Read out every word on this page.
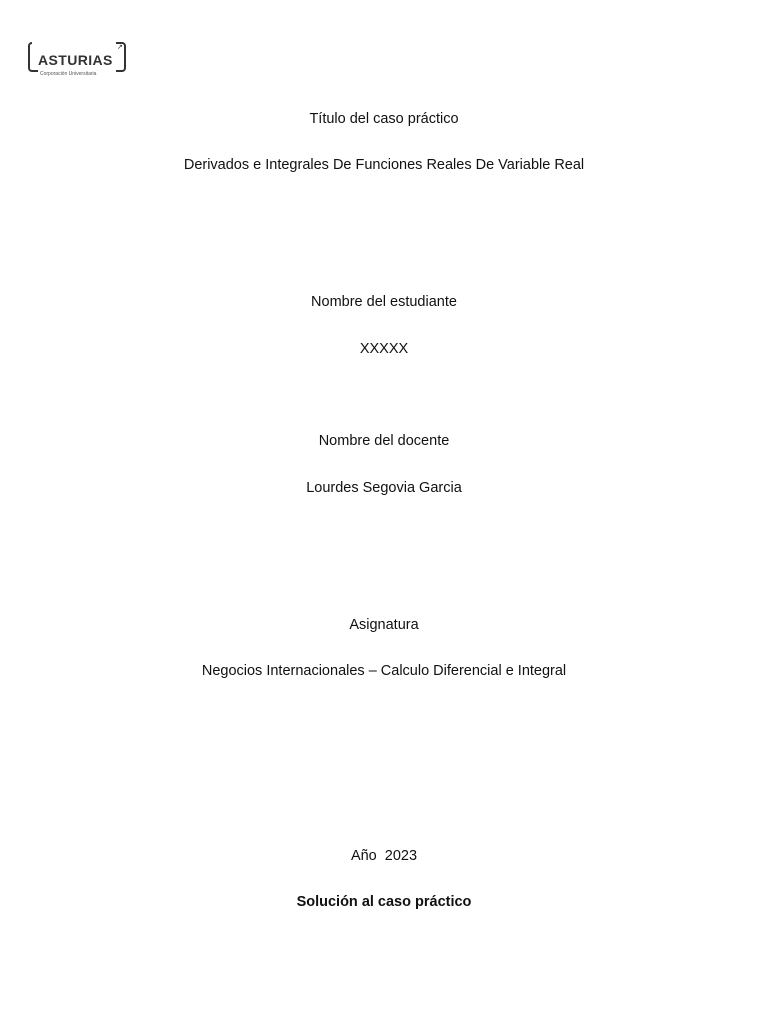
ASTURIAS
↗
Corporación Universitaria
Título del caso práctico
Derivados e Integrales De Funciones Reales De Variable Real
Nombre del estudiante
XXXXX
Nombre del docente
Lourdes Segovia Garcia
Asignatura
Negocios Internacionales – Calculo Diferencial e Integral
Año  2023
Solución al caso práctico
